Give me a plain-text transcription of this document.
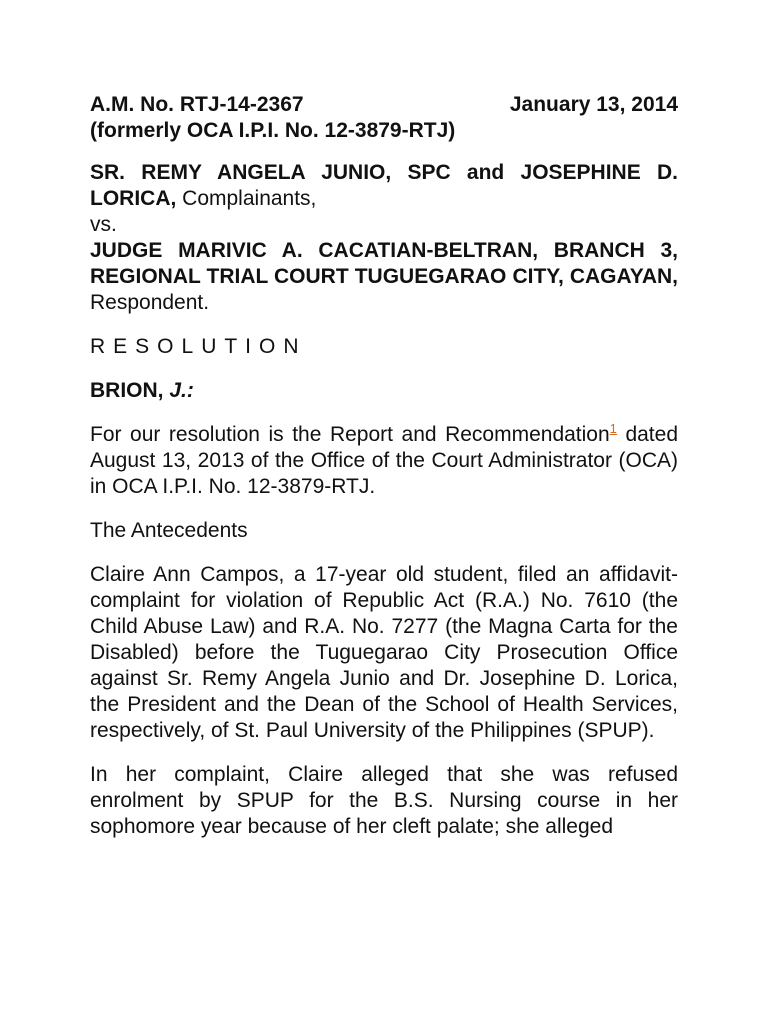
A.M. No. RTJ-14-2367	January 13, 2014

(formerly OCA I.P.I. No. 12-3879-RTJ)

SR. REMY ANGELA JUNIO, SPC and JOSEPHINE D. LORICA, Complainants,

vs.

JUDGE MARIVIC A. CACATIAN-BELTRAN, BRANCH 3, REGIONAL TRIAL COURT TUGUEGARAO CITY, CAGAYAN, Respondent.

RESOLUTION

BRION, J.:

For our resolution is the Report and Recommendation$^1$ dated August 13, 2013 of the Office of the Court Administrator (OCA) in OCA I.P.I. No. 12-3879-RTJ.

The Antecedents

Claire Ann Campos, a 17-year old student, filed an affidavit-complaint for violation of Republic Act (R.A.) No. 7610 (the Child Abuse Law) and R.A. No. 7277 (the Magna Carta for the Disabled) before the Tuguegarao City Prosecution Office against Sr. Remy Angela Junio and Dr. Josephine D. Lorica, the President and the Dean of the School of Health Services, respectively, of St. Paul University of the Philippines (SPUP).

In her complaint, Claire alleged that she was refused enrolment by SPUP for the B.S. Nursing course in her sophomore year because of her cleft palate; she alleged
